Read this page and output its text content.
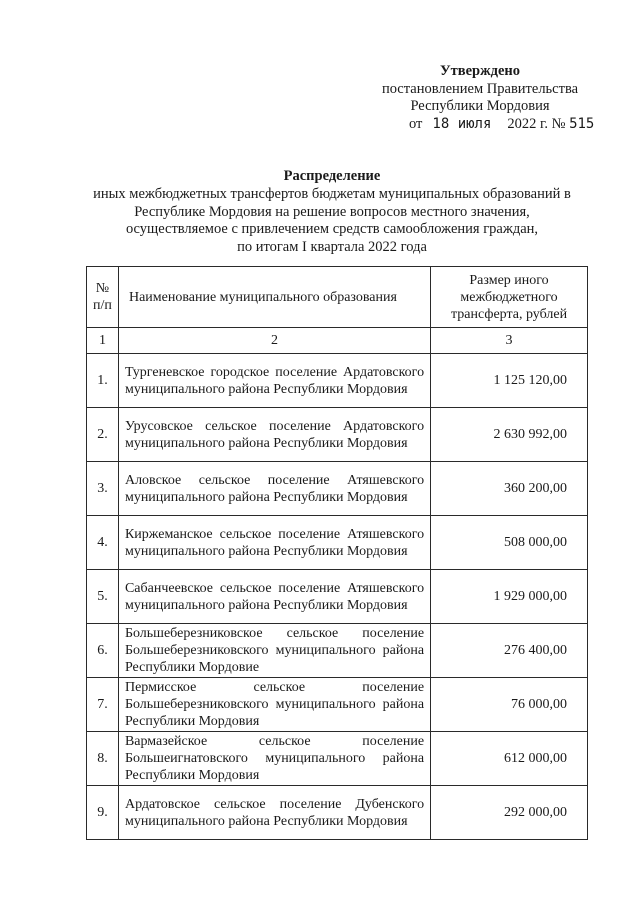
Утверждено
постановлением Правительства
Республики Мордовия
от 18 июля 2022 г. № 515
Распределение
иных межбюджетных трансфертов бюджетам муниципальных образований в
Республике Мордовия на решение вопросов местного значения,
осуществляемое с привлечением средств самообложения граждан,
по итогам I квартала 2022 года
№
п/п	Наименование муниципального образования	Размер иного межбюджетного трансферта, рублей
1	2	3
1.	Тургеневское городское поселение Ардатовского муниципального района Республики Мордовия	1 125 120,00
2.	Урусовское сельское поселение Ардатовского муниципального района Республики Мордовия	2 630 992,00
3.	Аловское сельское поселение Атяшевского муниципального района Республики Мордовия	360 200,00
4.	Киржеманское сельское поселение Атяшевского муниципального района Республики Мордовия	508 000,00
5.	Сабанчеевское сельское поселение Атяшевского муниципального района Республики Мордовия	1 929 000,00
6.	Большеберезниковское сельское поселение Большеберезниковского муниципального района Республики Мордовие	276 400,00
7.	Пермисское сельское поселение Большеберезниковского муниципального района Республики Мордовия	76 000,00
8.	Вармазейское сельское поселение Большеигнатовского муниципального района Республики Мордовия	612 000,00
9.	Ардатовское сельское поселение Дубенского муниципального района Республики Мордовия	292 000,00
